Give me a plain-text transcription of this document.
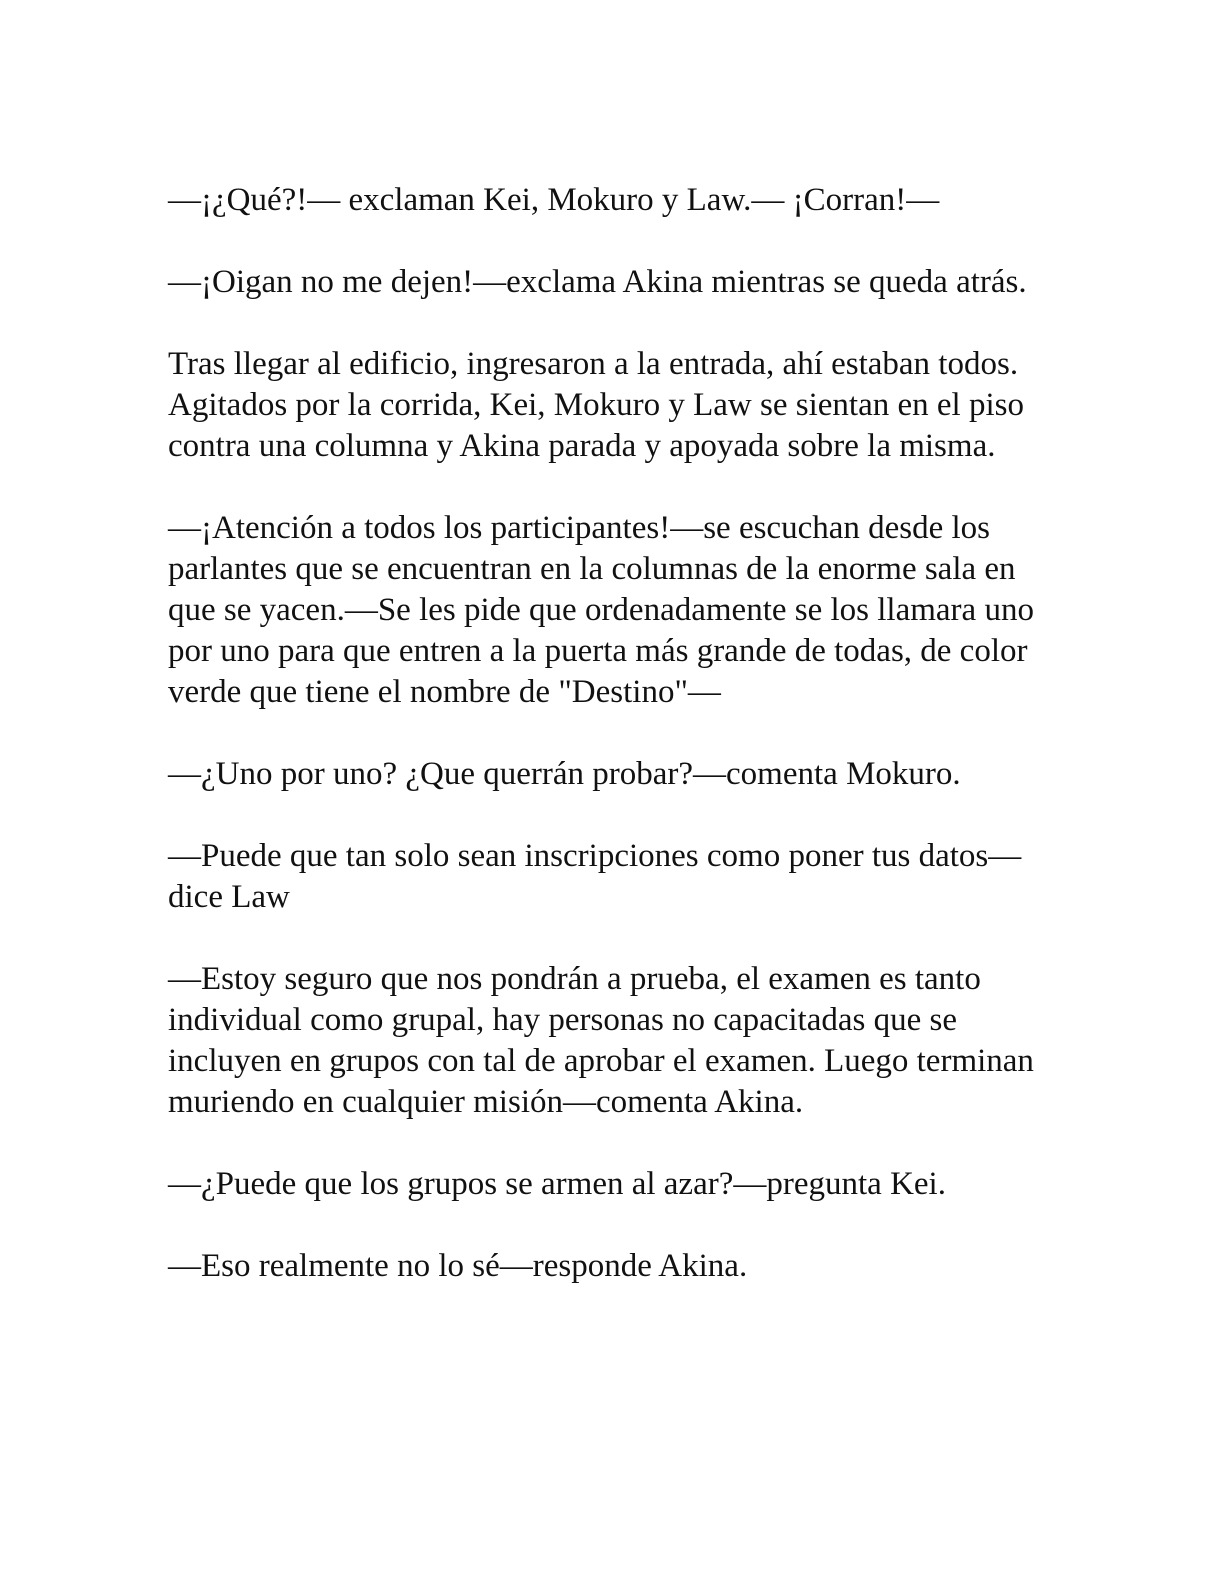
—¡¿Qué?!— exclaman Kei, Mokuro y Law.— ¡Corran!—

—¡Oigan no me dejen!—exclama Akina mientras se queda atrás.

Tras llegar al edificio, ingresaron a la entrada, ahí estaban todos. Agitados por la corrida, Kei, Mokuro y Law se sientan en el piso contra una columna y Akina parada y apoyada sobre la misma.

—¡Atención a todos los participantes!—se escuchan desde los parlantes que se encuentran en la columnas de la enorme sala en que se yacen.—Se les pide que ordenadamente se los llamara uno por uno para que entren a la puerta más grande de todas, de color verde que tiene el nombre de "Destino"—

—¿Uno por uno? ¿Que querrán probar?—comenta Mokuro.

—Puede que tan solo sean inscripciones como poner tus datos—dice Law

—Estoy seguro que nos pondrán a prueba, el examen es tanto individual como grupal, hay personas no capacitadas que se incluyen en grupos con tal de aprobar el examen. Luego terminan muriendo en cualquier misión—comenta Akina.

—¿Puede que los grupos se armen al azar?—pregunta Kei.

—Eso realmente no lo sé—responde Akina.
